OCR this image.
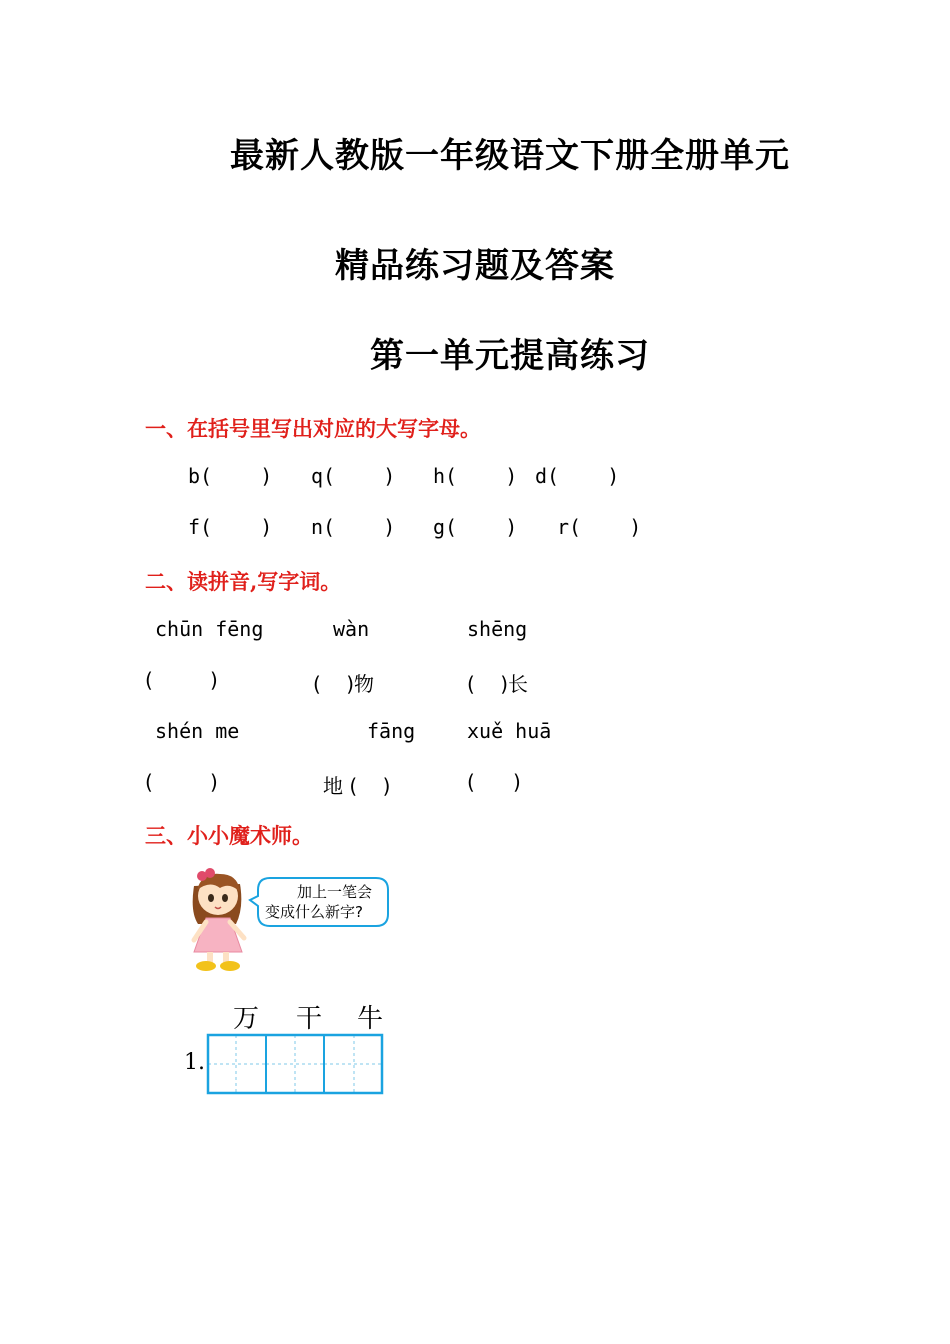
最新人教版一年级语文下册全册单元
精品练习题及答案
第一单元提高练习
一、在括号里写出对应的大写字母。
b(    ) q(    ) h(    ) d(    )
f(    ) n(    ) g(    ) r(    )
二、读拼音,写字词。
chūn fēng	wàn	shēng
(         )	(    )物	(    )长
shén me	fāng	xuě huā
(         )	地 (    )	(      )
三、小小魔术师。
加上一笔会
变成什么新字?
万 干 牛
1.
